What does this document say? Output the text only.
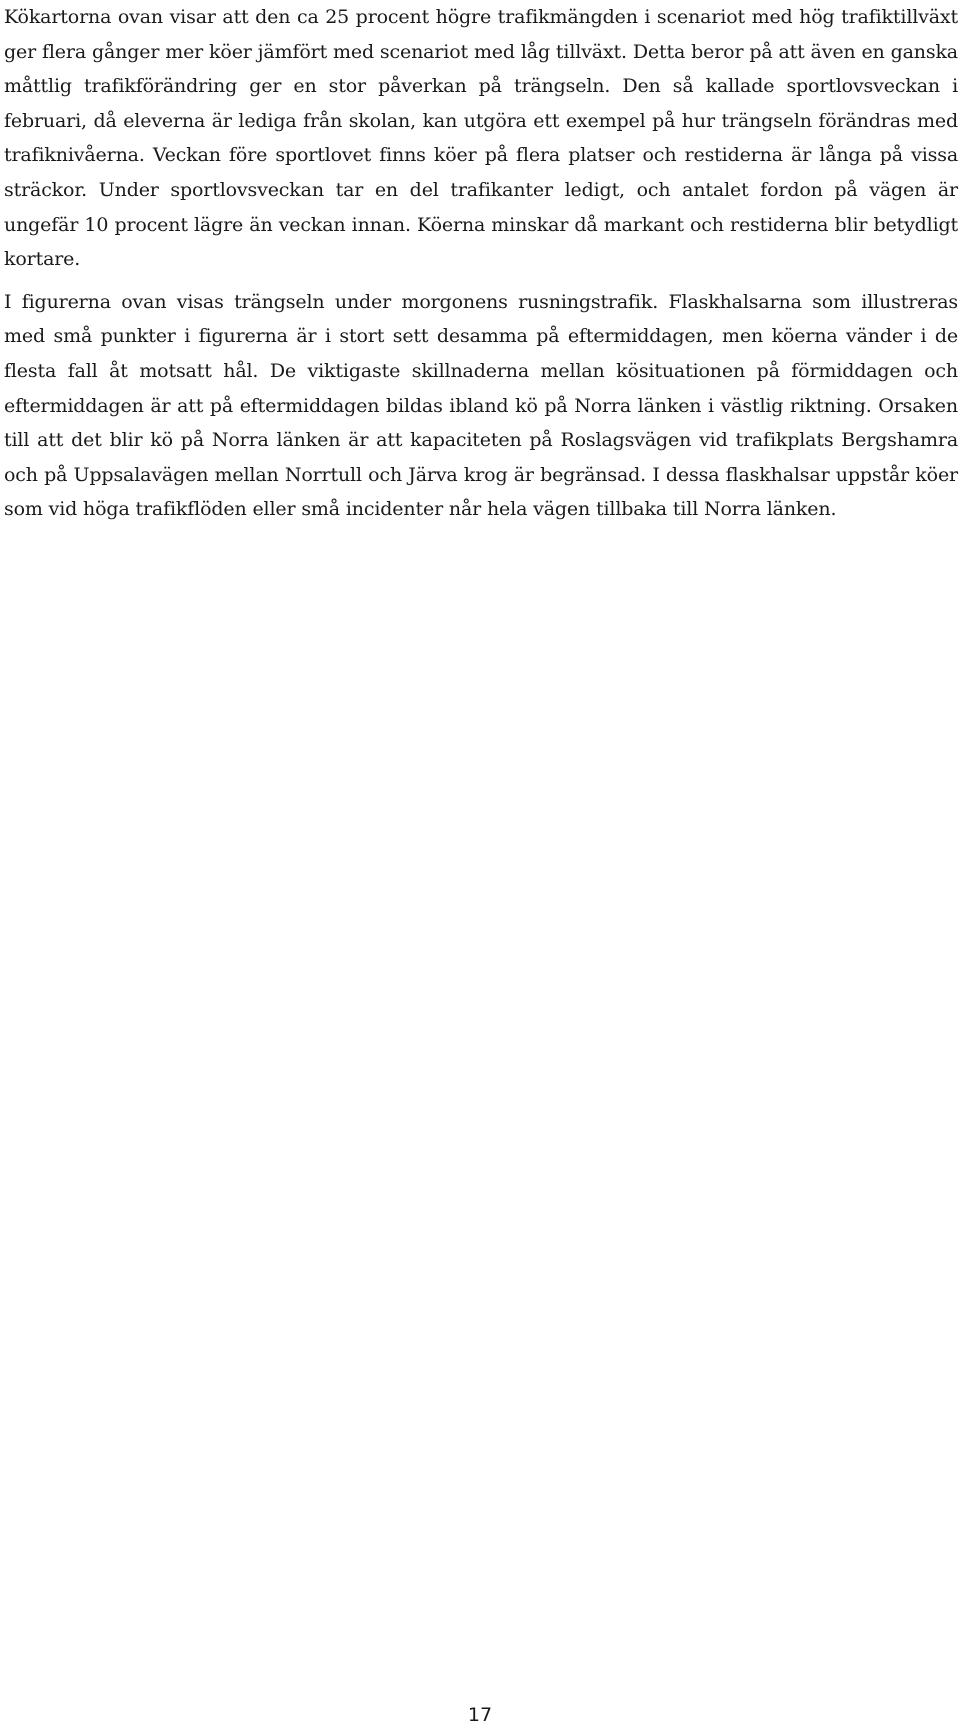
Kökartorna ovan visar att den ca 25 procent högre trafikmängden i scenariot med hög trafiktillväxt ger flera gånger mer köer jämfört med scenariot med låg tillväxt. Detta beror på att även en ganska måttlig trafikförändring ger en stor påverkan på trängseln. Den så kallade sportlovsveckan i februari, då eleverna är lediga från skolan, kan utgöra ett exempel på hur trängseln förändras med trafiknivåerna. Veckan före sportlovet finns köer på flera platser och restiderna är långa på vissa sträckor. Under sportlovsveckan tar en del trafikanter ledigt, och antalet fordon på vägen är ungefär 10 procent lägre än veckan innan. Köerna minskar då markant och restiderna blir betydligt kortare.

I figurerna ovan visas trängseln under morgonens rusningstrafik. Flaskhalsarna som illustreras med små punkter i figurerna är i stort sett desamma på eftermiddagen, men köerna vänder i de flesta fall åt motsatt hål. De viktigaste skillnaderna mellan kösituationen på förmiddagen och eftermiddagen är att på eftermiddagen bildas ibland kö på Norra länken i västlig riktning. Orsaken till att det blir kö på Norra länken är att kapaciteten på Roslagsvägen vid trafikplats Bergshamra och på Uppsalavägen mellan Norrtull och Järva krog är begränsad. I dessa flaskhalsar uppstår köer som vid höga trafikflöden eller små incidenter når hela vägen tillbaka till Norra länken.

17
